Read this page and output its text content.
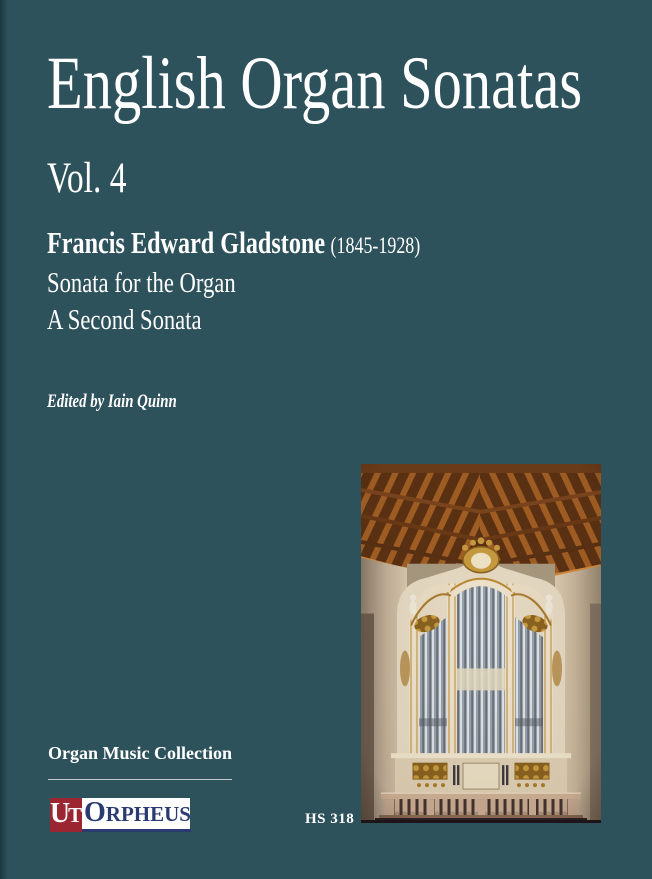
English Organ Sonatas
Vol. 4
Francis Edward Gladstone (1845-1928)
Sonata for the Organ
A Second Sonata
Edited by Iain Quinn
Organ Music Collection
U
T O RPHEUS	HS 318
